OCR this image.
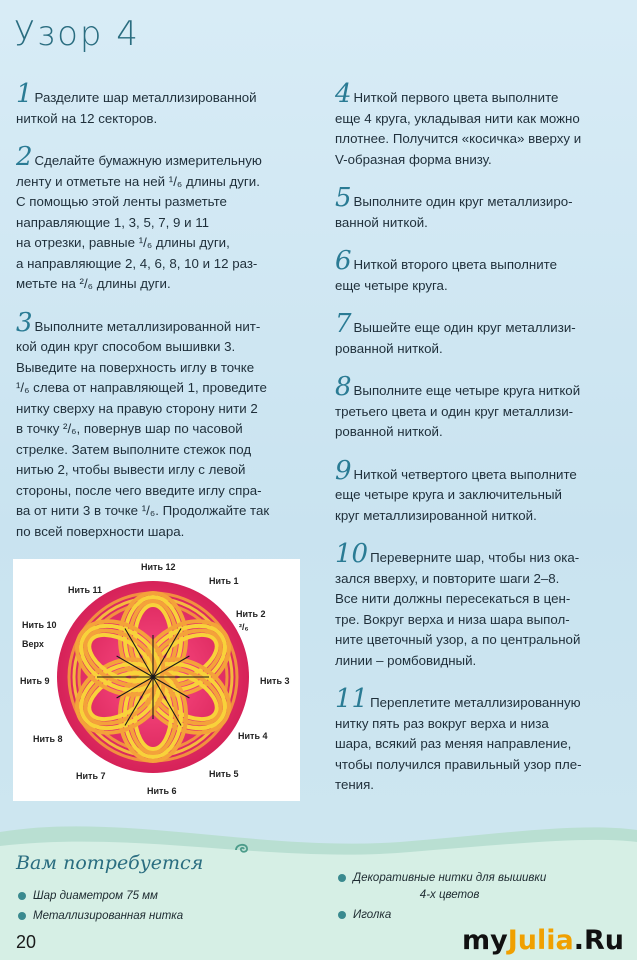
Узор 4
1 Разделите шар металлизированной
ниткой на 12 секторов.
2 Сделайте бумажную измерительную
ленту и отметьте на ней ¹/₆ длины дуги.
С помощью этой ленты разметьте
направляющие 1, 3, 5, 7, 9 и 11
на отрезки, равные ¹/₆ длины дуги,
а направляющие 2, 4, 6, 8, 10 и 12 раз-
метьте на ²/₆ длины дуги.
3 Выполните металлизированной нит-
кой один круг способом вышивки 3.
Выведите на поверхность иглу в точке
¹/₆ слева от направляющей 1, проведите
нитку сверху на правую сторону нити 2
в точку ²/₆, повернув шар по часовой
стрелке. Затем выполните стежок под
нитью 2, чтобы вывести иглу с левой
стороны, после чего введите иглу спра-
ва от нити 3 в точке ¹/₆. Продолжайте так
по всей поверхности шара.
4 Ниткой первого цвета выполните
еще 4 круга, укладывая нити как можно
плотнее. Получится «косичка» вверху и
V-образная форма внизу.
5 Выполните один круг металлизиро-
ванной ниткой.
6 Ниткой второго цвета выполните
еще четыре круга.
7 Вышейте еще один круг металлизи-
рованной ниткой.
8 Выполните еще четыре круга ниткой
третьего цвета и один круг металлизи-
рованной ниткой.
9 Ниткой четвертого цвета выполните
еще четыре круга и заключительный
круг металлизированной ниткой.
10 Переверните шар, чтобы низ ока-
зался вверху, и повторите шаги 2–8.
Все нити должны пересекаться в цен-
тре. Вокруг верха и низа шара выпол-
ните цветочный узор, а по центральной
линии – ромбовидный.
11 Переплетите металлизированную
нитку пять раз вокруг верха и низа
шара, всякий раз меняя направление,
чтобы получился правильный узор пле-
тения.
Нить 12
Нить 1
Нить 2
²/₆
Нить 3
Нить 4
Нить 5
Нить 6
Нить 7
Нить 8
Нить 9
Нить 10
Верх
Нить 11
Вам потребуется
Шар диаметром 75 мм
Металлизированная нитка
Декоративные нитки для вышивки
4-х цветов
Иголка
20	myJulia.Ru
